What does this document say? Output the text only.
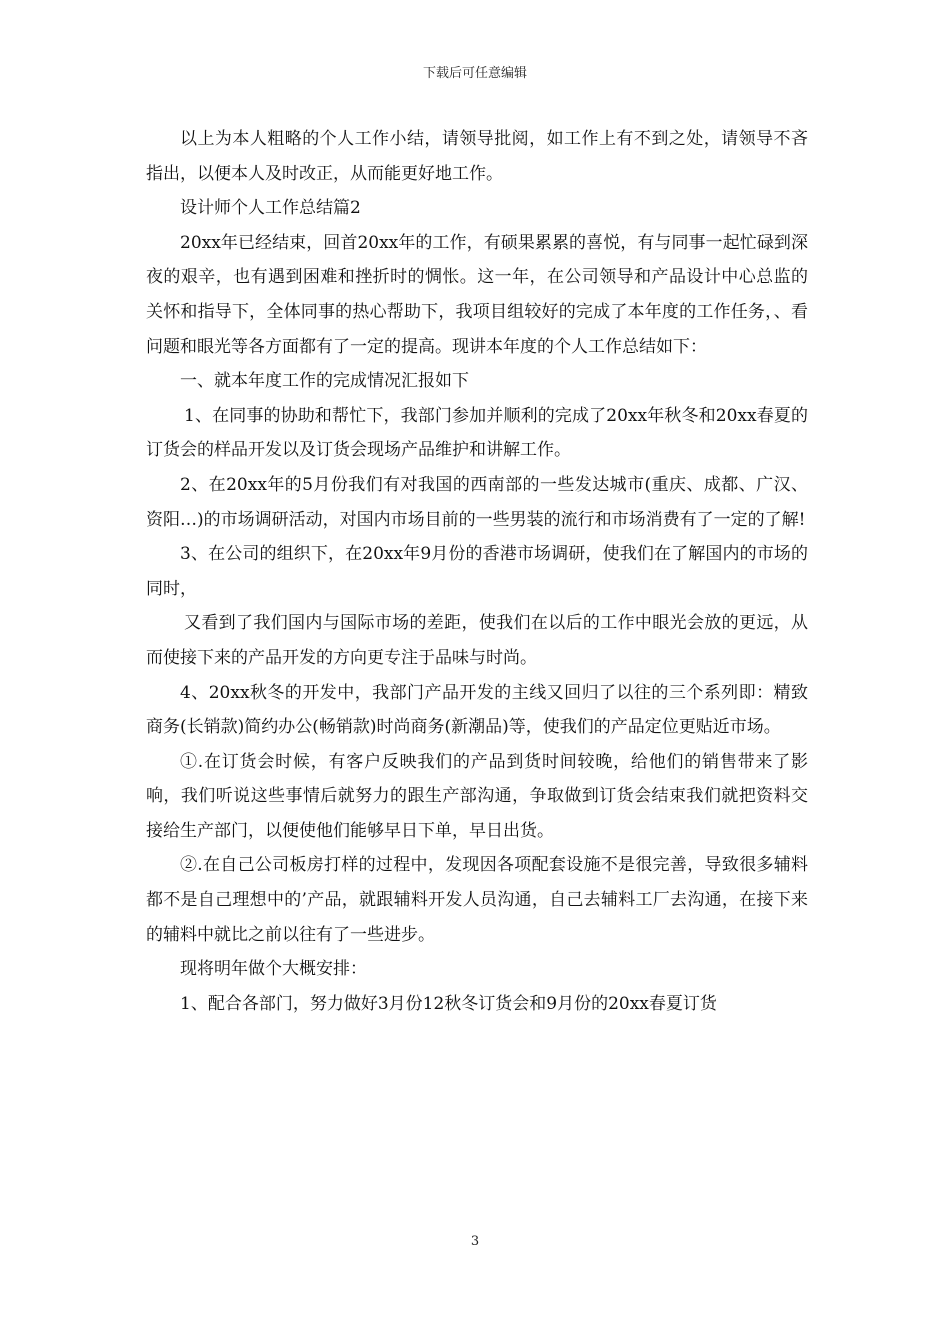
下载后可任意编辑

以上为本人粗略的个人工作小结，请领导批阅，如工作上有不到之处，请领导不吝指出，以便本人及时改正，从而能更好地工作。

设计师个人工作总结篇2

20xx年已经结束，回首20xx年的工作，有硕果累累的喜悦，有与同事一起忙碌到深夜的艰辛，也有遇到困难和挫折时的惆怅。这一年，在公司领导和产品设计中心总监的关怀和指导下，全体同事的热心帮助下，我项目组较好的完成了本年度的工作任务，、看问题和眼光等各方面都有了一定的提高。现讲本年度的个人工作总结如下：

一、就本年度工作的完成情况汇报如下

1、在同事的协助和帮忙下，我部门参加并顺利的完成了20xx年秋冬和20xx春夏的订货会的样品开发以及订货会现场产品维护和讲解工作。

2、在20xx年的5月份我们有对我国的西南部的一些发达城市(重庆、成都、广汉、资阳…)的市场调研活动，对国内市场目前的一些男装的流行和市场消费有了一定的了解!

3、在公司的组织下，在20xx年9月份的香港市场调研，使我们在了解国内的市场的同时，

又看到了我们国内与国际市场的差距，使我们在以后的工作中眼光会放的更远，从而使接下来的产品开发的方向更专注于品味与时尚。

4、20xx秋冬的开发中，我部门产品开发的主线又回归了以往的三个系列即：精致商务(长销款)简约办公(畅销款)时尚商务(新潮品)等，使我们的产品定位更贴近市场。

①.在订货会时候，有客户反映我们的产品到货时间较晚，给他们的销售带来了影响，我们听说这些事情后就努力的跟生产部沟通，争取做到订货会结束我们就把资料交接给生产部门，以便使他们能够早日下单，早日出货。

②.在自己公司板房打样的过程中，发现因各项配套设施不是很完善，导致很多辅料都不是自己理想中的’产品，就跟辅料开发人员沟通，自己去辅料工厂去沟通，在接下来的辅料中就比之前以往有了一些进步。

现将明年做个大概安排：

1、配合各部门，努力做好3月份12秋冬订货会和9月份的20xx春夏订货

3
